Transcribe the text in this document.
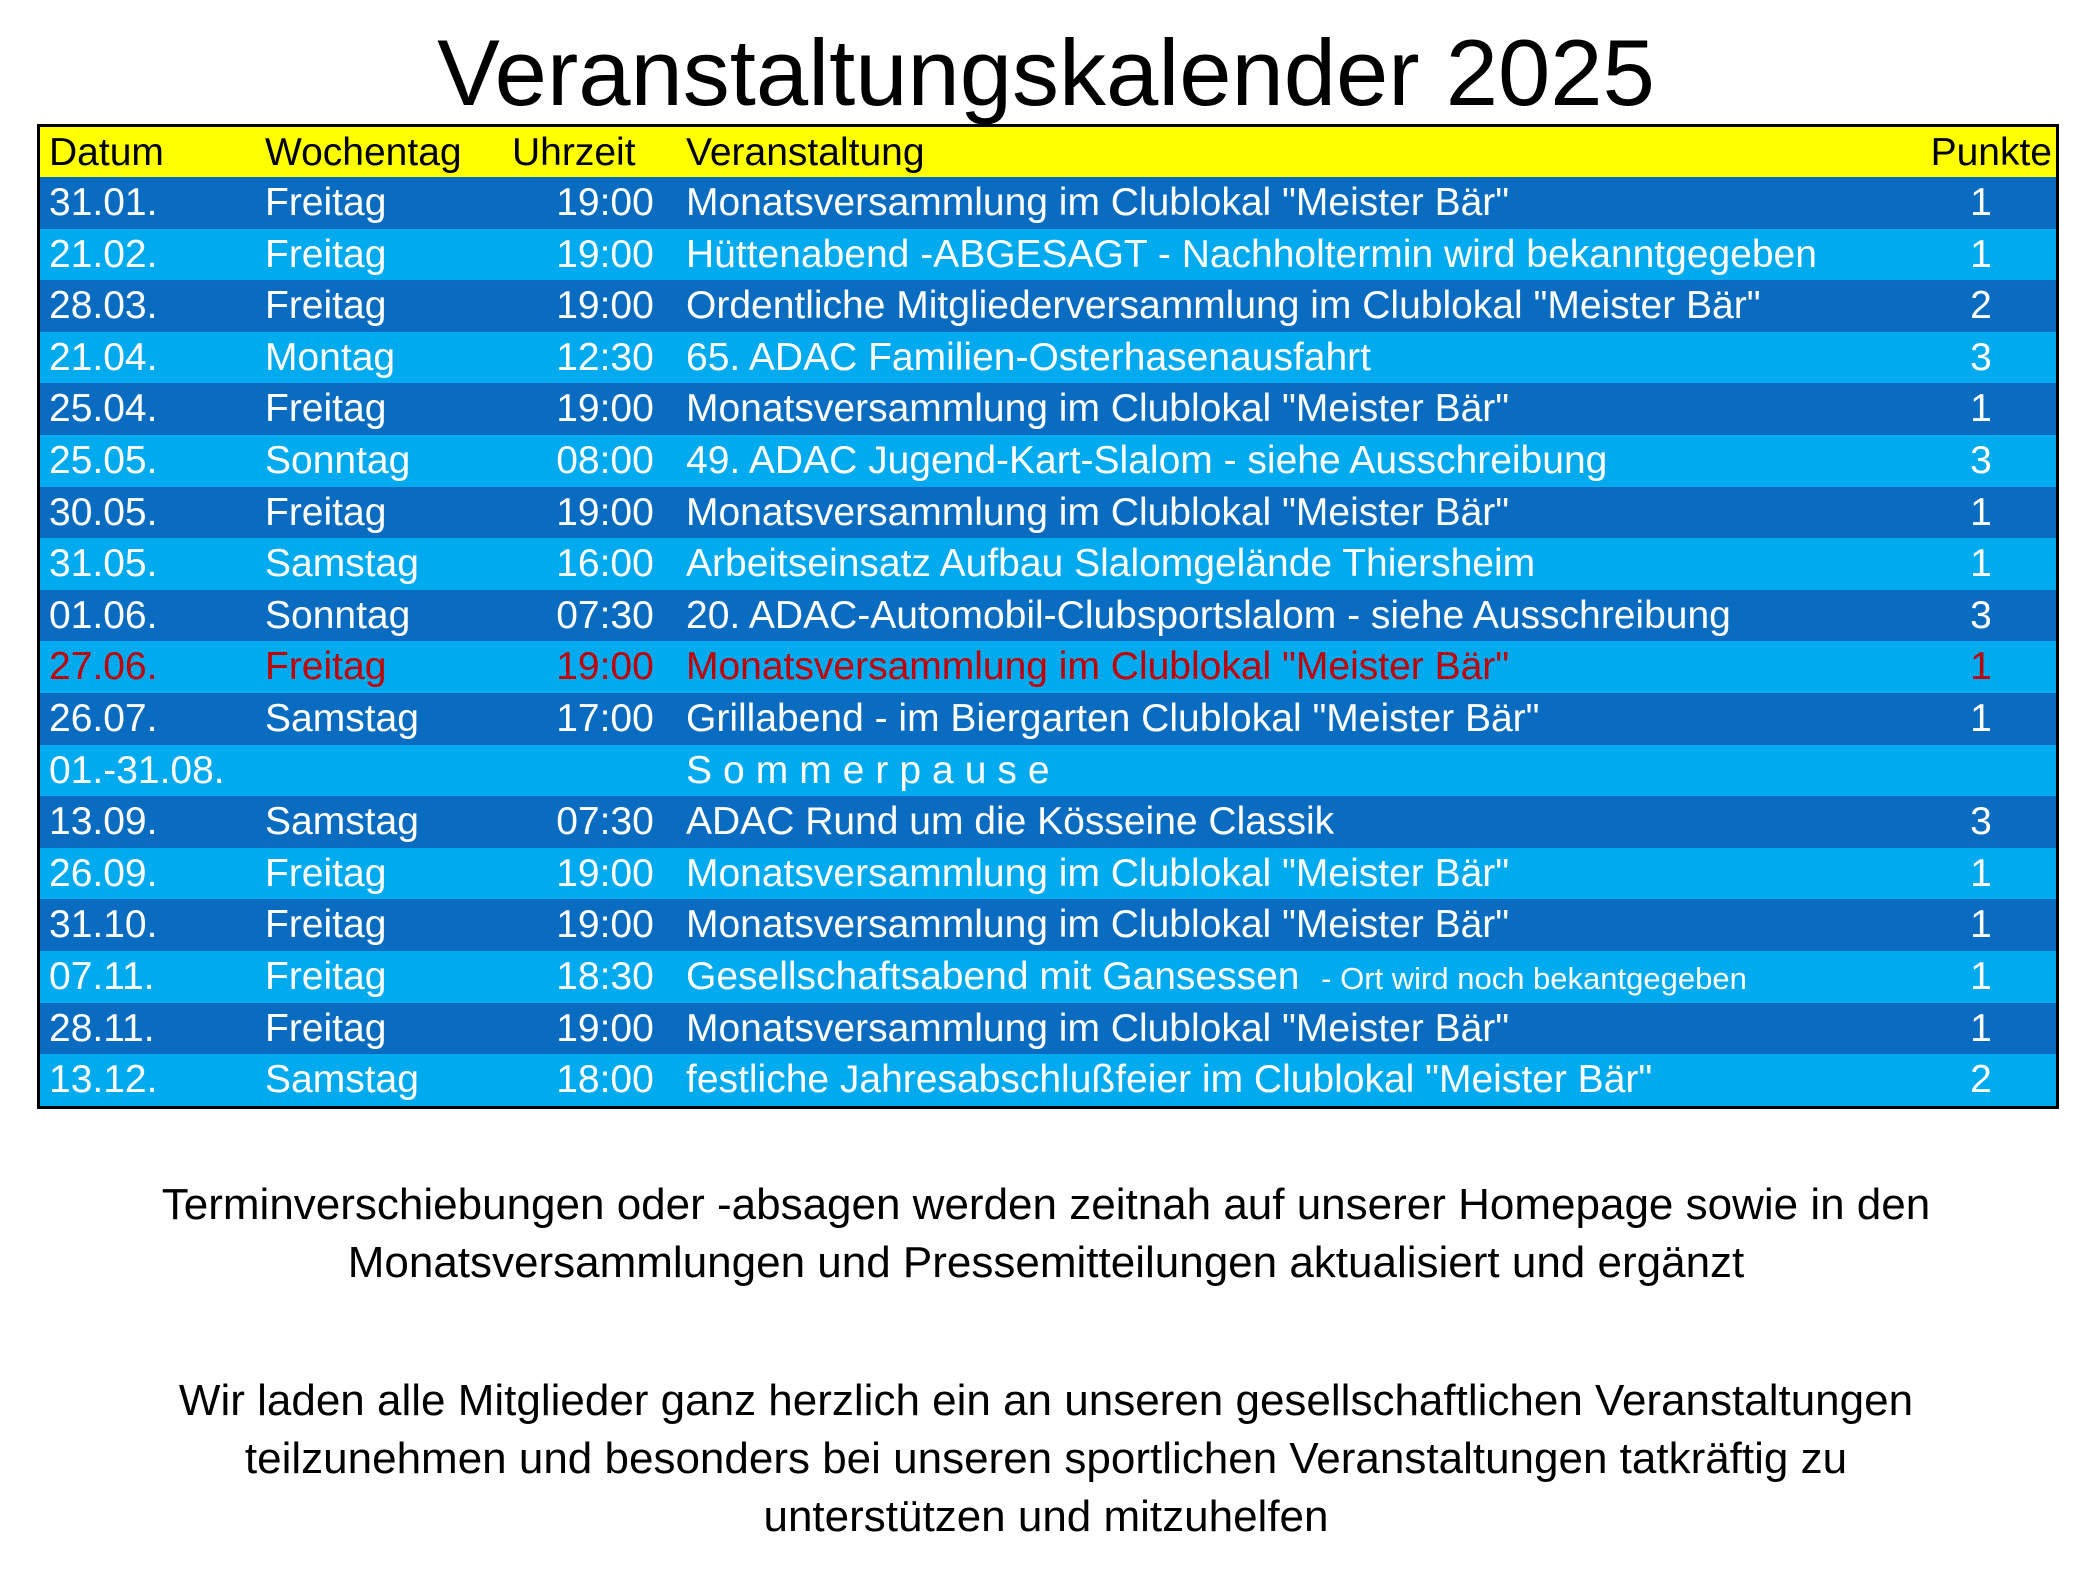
Veranstaltungskalender 2025
Datum	Wochentag Uhrzeit Veranstaltung	Punkte
31.01.	Freitag	19:00 Monatsversammlung im Clublokal "Meister Bär"	1
21.02.	Freitag	19:00 Hüttenabend -ABGESAGT - Nachholtermin wird bekanntgegeben	1
28.03.	Freitag	19:00 Ordentliche Mitgliederversammlung im Clublokal "Meister Bär"	2
21.04.	Montag	12:30 65. ADAC Familien-Osterhasenausfahrt	3
25.04.	Freitag	19:00 Monatsversammlung im Clublokal "Meister Bär"	1
25.05.	Sonntag	08:00 49. ADAC Jugend-Kart-Slalom - siehe Ausschreibung	3
30.05.	Freitag	19:00 Monatsversammlung im Clublokal "Meister Bär"	1
31.05.	Samstag	16:00 Arbeitseinsatz Aufbau Slalomgelände Thiersheim	1
01.06.	Sonntag	07:30 20. ADAC-Automobil-Clubsportslalom - siehe Ausschreibung	3
27.06.	Freitag	19:00 Monatsversammlung im Clublokal "Meister Bär"	1
26.07.	Samstag	17:00 Grillabend - im Biergarten Clublokal "Meister Bär"	1
01.-31.08.	Sommerpause
13.09.	Samstag	07:30 ADAC Rund um die Kösseine Classik	3
26.09.	Freitag	19:00 Monatsversammlung im Clublokal "Meister Bär"	1
31.10.	Freitag	19:00 Monatsversammlung im Clublokal "Meister Bär"	1
07.11.	Freitag	18:30 Gesellschaftsabend mit Gansessen - Ort wird noch bekantgegeben	1
28.11.	Freitag	19:00 Monatsversammlung im Clublokal "Meister Bär"	1
13.12.	Samstag	18:00 festliche Jahresabschlußfeier im Clublokal "Meister Bär"	2

Terminverschiebungen oder -absagen werden zeitnah auf unserer Homepage sowie in den

Monatsversammlungen und Pressemitteilungen aktualisiert und ergänzt

Wir laden alle Mitglieder ganz herzlich ein an unseren gesellschaftlichen Veranstaltungen

teilzunehmen und besonders bei unseren sportlichen Veranstaltungen tatkräftig zu

unterstützen und mitzuhelfen
